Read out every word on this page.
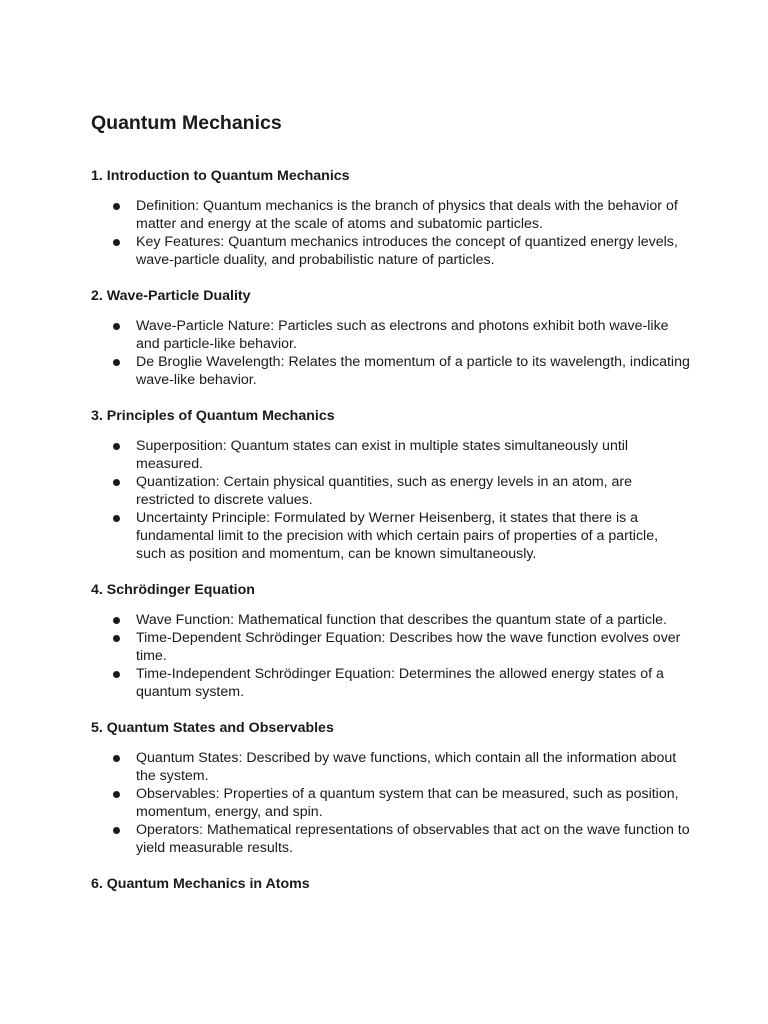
Quantum Mechanics
1. Introduction to Quantum Mechanics
Definition: Quantum mechanics is the branch of physics that deals with the behavior of matter and energy at the scale of atoms and subatomic particles.
Key Features: Quantum mechanics introduces the concept of quantized energy levels, wave-particle duality, and probabilistic nature of particles.
2. Wave-Particle Duality
Wave-Particle Nature: Particles such as electrons and photons exhibit both wave-like and particle-like behavior.
De Broglie Wavelength: Relates the momentum of a particle to its wavelength, indicating wave-like behavior.
3. Principles of Quantum Mechanics
Superposition: Quantum states can exist in multiple states simultaneously until measured.
Quantization: Certain physical quantities, such as energy levels in an atom, are restricted to discrete values.
Uncertainty Principle: Formulated by Werner Heisenberg, it states that there is a fundamental limit to the precision with which certain pairs of properties of a particle, such as position and momentum, can be known simultaneously.
4. Schrödinger Equation
Wave Function: Mathematical function that describes the quantum state of a particle.
Time-Dependent Schrödinger Equation: Describes how the wave function evolves over time.
Time-Independent Schrödinger Equation: Determines the allowed energy states of a quantum system.
5. Quantum States and Observables
Quantum States: Described by wave functions, which contain all the information about the system.
Observables: Properties of a quantum system that can be measured, such as position, momentum, energy, and spin.
Operators: Mathematical representations of observables that act on the wave function to yield measurable results.
6. Quantum Mechanics in Atoms
